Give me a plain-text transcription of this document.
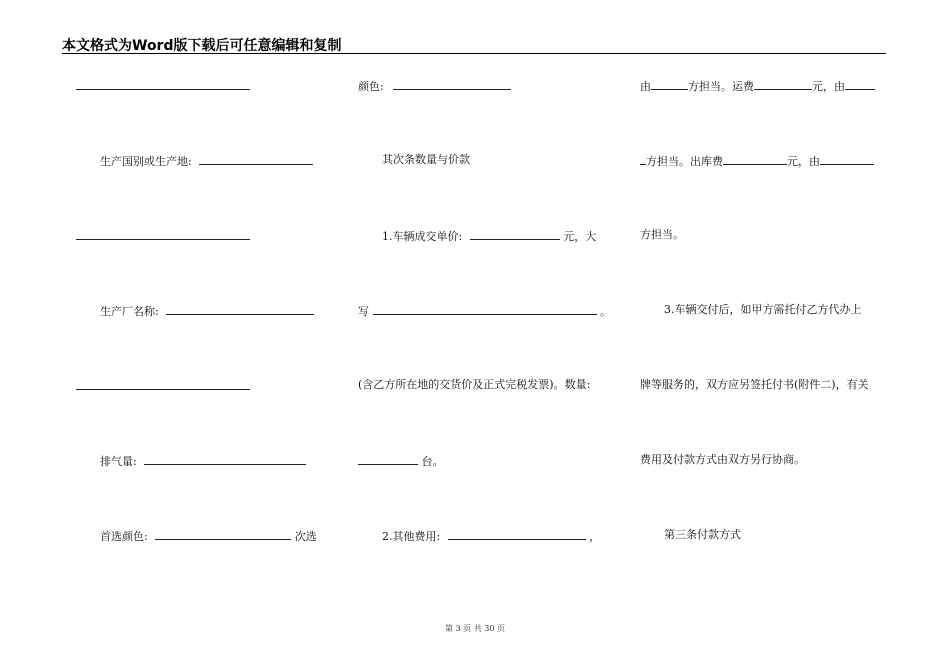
本文格式为Word版下载后可任意编辑和复制
生产国别或生产地:
生产厂名称:
排气量:
首选颜色:	次选
颜色:
其次条数量与价款
1.车辆成交单价:	元，大
写	。
(含乙方所在地的交货价及正式完税发票)。数量:
台。
2.其他费用:	，
由	方担当。运费	元，由
方担当。出库费	元，由
方担当。
3.车辆交付后，如甲方需托付乙方代办上
牌等服务的，双方应另签托付书(附件二)，有关
费用及付款方式由双方另行协商。
第三条付款方式
第 3 页 共 30 页
